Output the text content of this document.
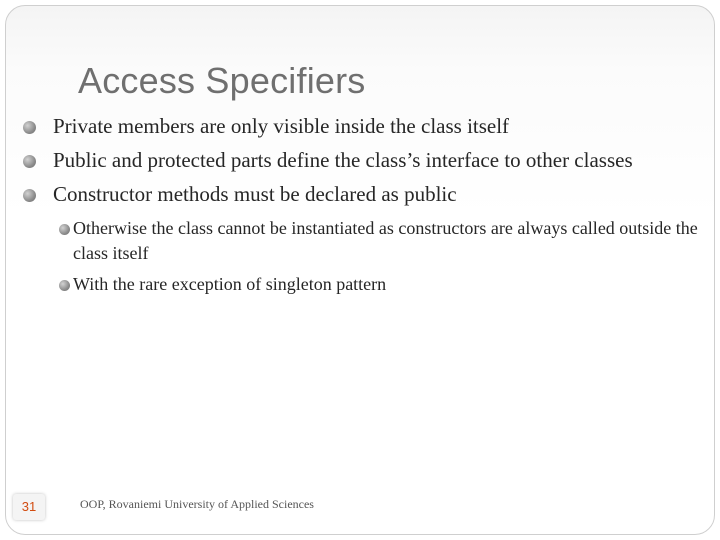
Access Specifiers
Private members are only visible inside the class itself
Public and protected parts define the class’s interface to other classes
Constructor methods must be declared as public
Otherwise the class cannot be instantiated as constructors are always called outside the class itself
With the rare exception of singleton pattern
31	OOP, Rovaniemi University of Applied Sciences
